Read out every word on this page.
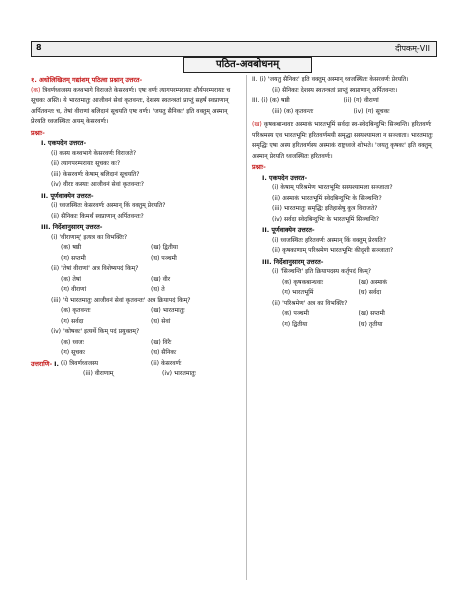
8	दीपकम्-VII
पठित-अवबोधनम्

१. अधोलिखितम् गद्यांशम् पठित्वा प्रश्नान् उत्तरत-

(क) त्रिवर्णध्वजस्य कथ्वभागे विराजते केसरवर्णः। एषः वर्णः त्यागपरम्परायाः शौर्यपरम्परायाः च सूचकः अस्ति। ये भारतमातुः आजीवनं सेवां कृतवन्तः, देशस्य स्वतन्त्रतां प्राप्तुं सहर्षं स्वप्राणान् अर्पितवन्तः च, तेषां वीराणां बलिदानं सूचयति एषः वर्णः। 'जयतु सैनिकः' इति वक्तुम् अस्मान् प्रेरयति ध्वजस्थितः अयम् केसरवर्णः।

प्रश्नाः-

I. एकपदेन उत्तरत-

(i) कस्य कथ्वभागे केसरवर्णः विराजते?

(ii) त्यागपरम्परायाः सूचकः कः?

(iii) केसरवर्णः केषाम् बलिदानं सूचयति?

(iv) वीराः कस्याः आजीवनं सेवां कृतवन्तः?

II. पूर्णवाक्येन उत्तरत-

(i) ध्वजस्थितः केसरवर्णः अस्मान् किं वक्तुम् प्रेरयति?

(ii) सैनिकाः किमर्थं स्वप्राणान् अर्पितवन्तः?

III. निर्देशानुसारम् उत्तरत-

(i) 'वीराणाम्' इत्यत्र का विभक्तिः?

(क) षष्ठी	(ख) द्वितीया
(ग) सप्तमी	(घ) पञ्चमी

(ii) 'तेषां वीराणां' अत्र विशेष्यपदं किम्?

(क) तेषां	(ख) वीर
(ग) वीराणां	(घ) ते

(iii) 'ये भारतमातुः आजीवनं सेवां कृतवन्तः' अत्र क्रियापदं किम्?

(क) कृतवन्तः	(ख) भारतमातुः
(ग) सर्वदा	(घ) सेवां

(iv) 'कोषकः' इत्यर्थे किम् पदं प्रयुक्तम्?

(क) ध्वजः	(ख) विरैः
(ग) सूचकः	(घ) सैनिकः
उत्तराणि-
I.
(i) त्रिवर्णध्वजस्य	(ii) केसरवर्णः
(iii) वीराणाम्	(iv) भारतमातुः

II. (i) 'जयतु सैनिकः' इति वक्तुम् अस्मान् ध्वजस्थितः केसरवर्णः प्रेरयति।

(ii) सैनिकाः देशस्य स्वतन्त्रतां प्राप्तुं स्वप्राणान् अर्पितवन्तः।

III. (i) (क) षष्ठी	(ii) (ग) वीराणां
(iii) (क) कृतवन्तः	(iv) (ग) सूचकः

(ख) कृषकबान्धवाः अस्माकं भारतभूमिं सर्वदा स्व-स्वेदबिन्दुभिः सिञ्चन्ति। हरितवर्णः परिश्रमस्य एव भारतभूमिः हरितवर्णमयी समृद्धा सस्यश्यामला न सञ्जाता। भारतमातुः समृद्धिः एषा अस्य हरितवर्णस्य अस्माकं राष्ट्रध्वजे शोभते। 'जयतु कृषकः' इति वक्तुम् अस्मान् प्रेरयति ध्वजस्थितः हरितवर्णः।

प्रश्नाः-

I. एकपदेन उत्तरत-

(i) केषाम् परिश्रमेण भारतभूमिः सस्यश्यामला सञ्जाता?

(ii) अस्माकं भारतभूमिं स्वेदबिन्दुभिः के सिञ्चन्ति?

(iii) भारतमातुः समृद्धिः इतिहासेषु कुत्र विराजते?

(iv) सर्वदा स्वेदबिन्दुभिः के भारतभूमिं सिञ्चन्ति?

II. पूर्णवाक्येन उत्तरत-

(i) ध्वजस्थितः हरितवर्णः अस्मान् किं वक्तुम् प्रेरयति?

(ii) कृषकाणाम् परिश्रमेण भारतभूमिः कीदृशी सञ्जाता?

III. निर्देशानुसारम् उत्तरत-

(i) 'सिञ्चन्ति' इति क्रियापदस्य कर्तृपदं किम्?

(क) कृषकबान्धवाः	(ख) अस्माकं
(ग) भारतभूमिं	(घ) सर्वदा

(ii) 'परिश्रमेण' अत्र का विभक्तिः?

(क) पञ्चमी	(ख) सप्तमी
(ग) द्वितीया	(घ) तृतीया
